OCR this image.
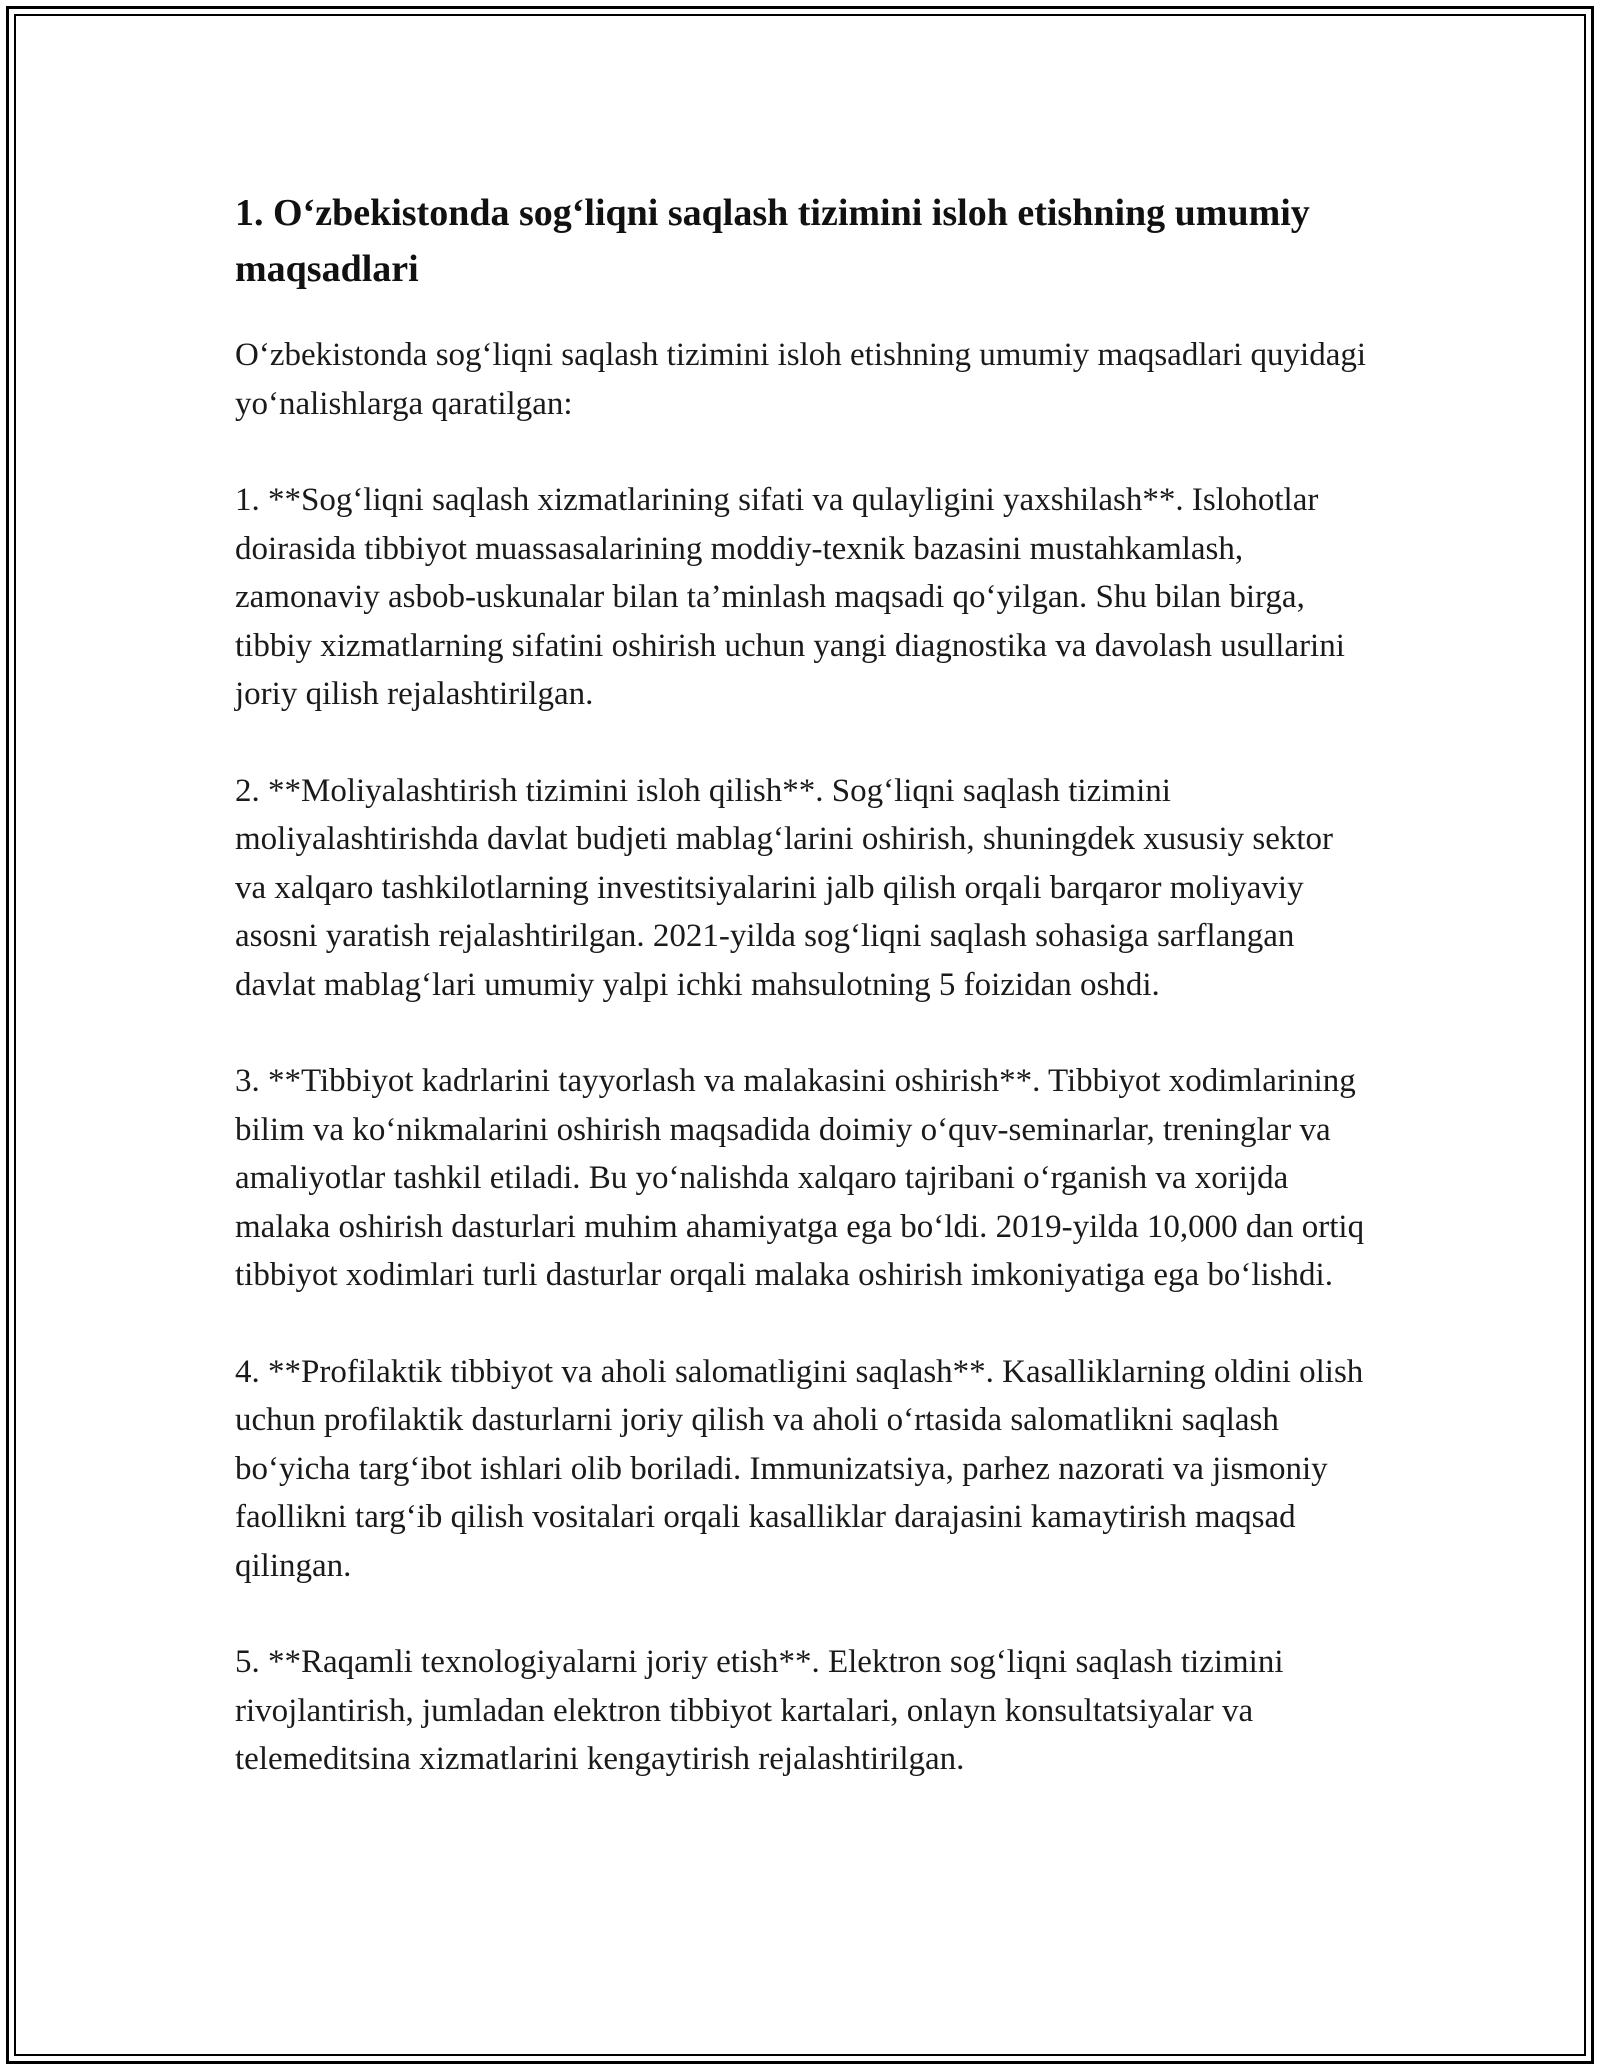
1. O‘zbekistonda sog‘liqni saqlash tizimini isloh etishning umumiy maqsadlari

O‘zbekistonda sog‘liqni saqlash tizimini isloh etishning umumiy maqsadlari quyidagi yo‘nalishlarga qaratilgan:

1. **Sog‘liqni saqlash xizmatlarining sifati va qulayligini yaxshilash**. Islohotlar doirasida tibbiyot muassasalarining moddiy-texnik bazasini mustahkamlash, zamonaviy asbob-uskunalar bilan ta’minlash maqsadi qo‘yilgan. Shu bilan birga, tibbiy xizmatlarning sifatini oshirish uchun yangi diagnostika va davolash usullarini joriy qilish rejalashtirilgan.

2. **Moliyalashtirish tizimini isloh qilish**. Sog‘liqni saqlash tizimini moliyalashtirishda davlat budjeti mablag‘larini oshirish, shuningdek xususiy sektor va xalqaro tashkilotlarning investitsiyalarini jalb qilish orqali barqaror moliyaviy asosni yaratish rejalashtirilgan. 2021-yilda sog‘liqni saqlash sohasiga sarflangan davlat mablag‘lari umumiy yalpi ichki mahsulotning 5 foizidan oshdi.

3. **Tibbiyot kadrlarini tayyorlash va malakasini oshirish**. Tibbiyot xodimlarining bilim va ko‘nikmalarini oshirish maqsadida doimiy o‘quv-seminarlar, treninglar va amaliyotlar tashkil etiladi. Bu yo‘nalishda xalqaro tajribani o‘rganish va xorijda malaka oshirish dasturlari muhim ahamiyatga ega bo‘ldi. 2019-yilda 10,000 dan ortiq tibbiyot xodimlari turli dasturlar orqali malaka oshirish imkoniyatiga ega bo‘lishdi.

4. **Profilaktik tibbiyot va aholi salomatligini saqlash**. Kasalliklarning oldini olish uchun profilaktik dasturlarni joriy qilish va aholi o‘rtasida salomatlikni saqlash bo‘yicha targ‘ibot ishlari olib boriladi. Immunizatsiya, parhez nazorati va jismoniy faollikni targ‘ib qilish vositalari orqali kasalliklar darajasini kamaytirish maqsad qilingan.

5. **Raqamli texnologiyalarni joriy etish**. Elektron sog‘liqni saqlash tizimini rivojlantirish, jumladan elektron tibbiyot kartalari, onlayn konsultatsiyalar va telemeditsina xizmatlarini kengaytirish rejalashtirilgan.
